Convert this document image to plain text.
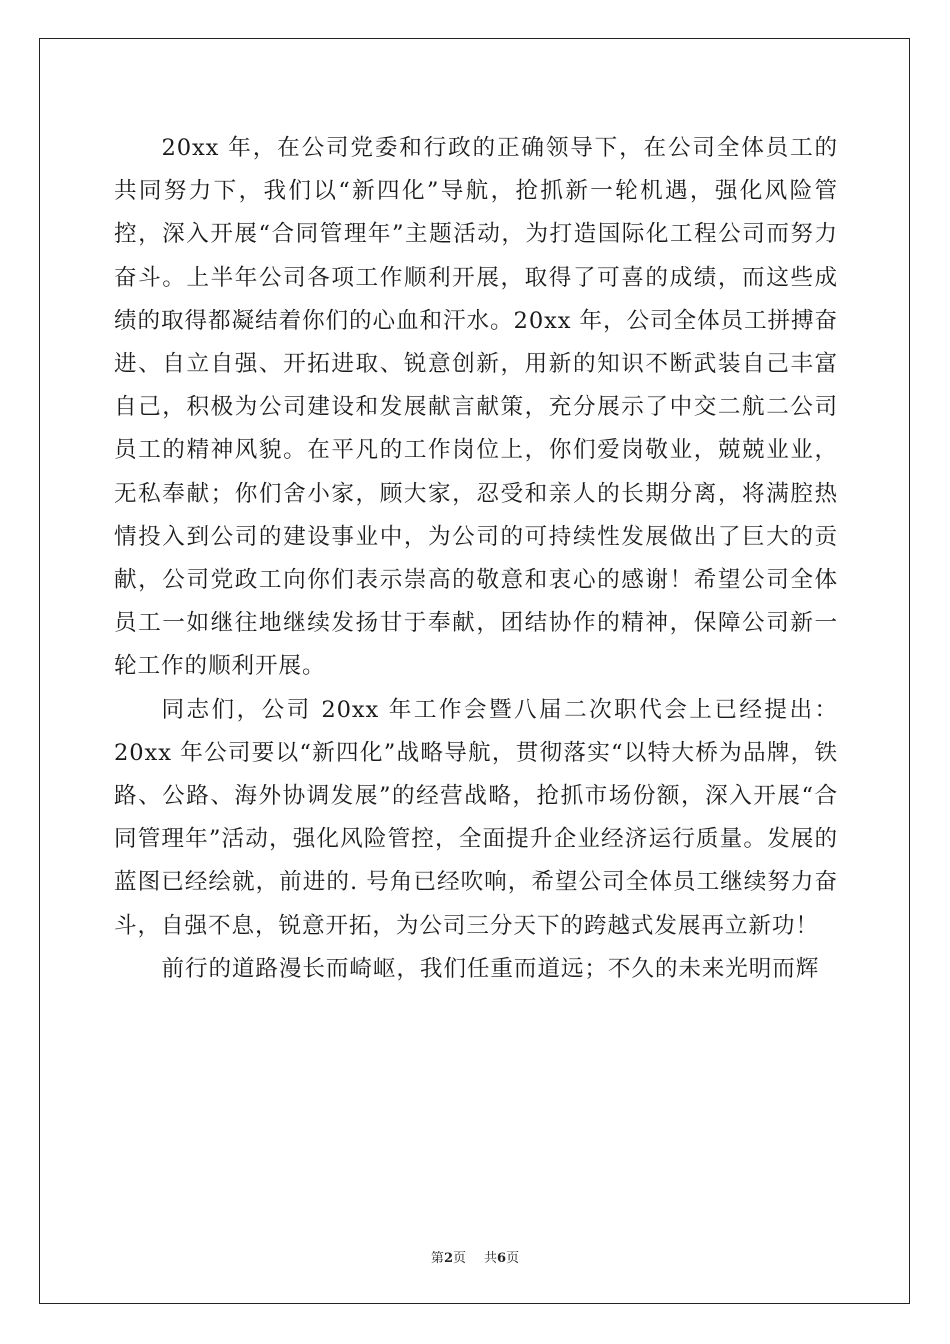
20xx 年，在公司党委和行政的正确领导下，在公司全体员工的共同努力下，我们以“新四化”导航，抢抓新一轮机遇，强化风险管控，深入开展“合同管理年”主题活动，为打造国际化工程公司而努力奋斗。上半年公司各项工作顺利开展，取得了可喜的成绩，而这些成绩的取得都凝结着你们的心血和汗水。20xx 年，公司全体员工拼搏奋进、自立自强、开拓进取、锐意创新，用新的知识不断武装自己丰富自己，积极为公司建设和发展献言献策，充分展示了中交二航二公司员工的精神风貌。在平凡的工作岗位上，你们爱岗敬业，兢兢业业，无私奉献；你们舍小家，顾大家，忍受和亲人的长期分离，将满腔热情投入到公司的建设事业中，为公司的可持续性发展做出了巨大的贡献，公司党政工向你们表示崇高的敬意和衷心的感谢！希望公司全体员工一如继往地继续发扬甘于奉献，团结协作的精神，保障公司新一轮工作的顺利开展。

同志们，公司 20xx 年工作会暨八届二次职代会上已经提出：20xx 年公司要以“新四化”战略导航，贯彻落实“以特大桥为品牌，铁路、公路、海外协调发展”的经营战略，抢抓市场份额，深入开展“合同管理年”活动，强化风险管控，全面提升企业经济运行质量。发展的蓝图已经绘就，前进的. 号角已经吹响，希望公司全体员工继续努力奋斗，自强不息，锐意开拓，为公司三分天下的跨越式发展再立新功！

前行的道路漫长而崎岖，我们任重而道远；不久的未来光明而辉

第2页 共6页
